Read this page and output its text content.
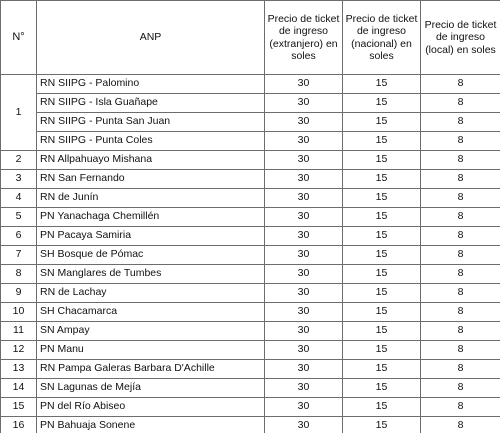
N°	ANP	Precio de ticket de ingreso (extranjero) en soles	Precio de ticket de ingreso (nacional) en soles	Precio de ticket de ingreso (local) en soles
1	RN SIIPG - Palomino	30	15	8
	RN SIIPG - Isla Guañape	30	15	8
	RN SIIPG - Punta San Juan	30	15	8
	RN SIIPG - Punta Coles	30	15	8
2	RN Allpahuayo Mishana	30	15	8
3	RN San Fernando	30	15	8
4	RN de Junín	30	15	8
5	PN Yanachaga Chemillén	30	15	8
6	PN Pacaya Samiria	30	15	8
7	SH Bosque de Pómac	30	15	8
8	SN Manglares de Tumbes	30	15	8
9	RN de Lachay	30	15	8
10	SH Chacamarca	30	15	8
11	SN Ampay	30	15	8
12	PN Manu	30	15	8
13	RN Pampa Galeras Barbara D'Achille	30	15	8
14	SN Lagunas de Mejía	30	15	8
15	PN del Río Abiseo	30	15	8
16	PN Bahuaja Sonene	30	15	8
